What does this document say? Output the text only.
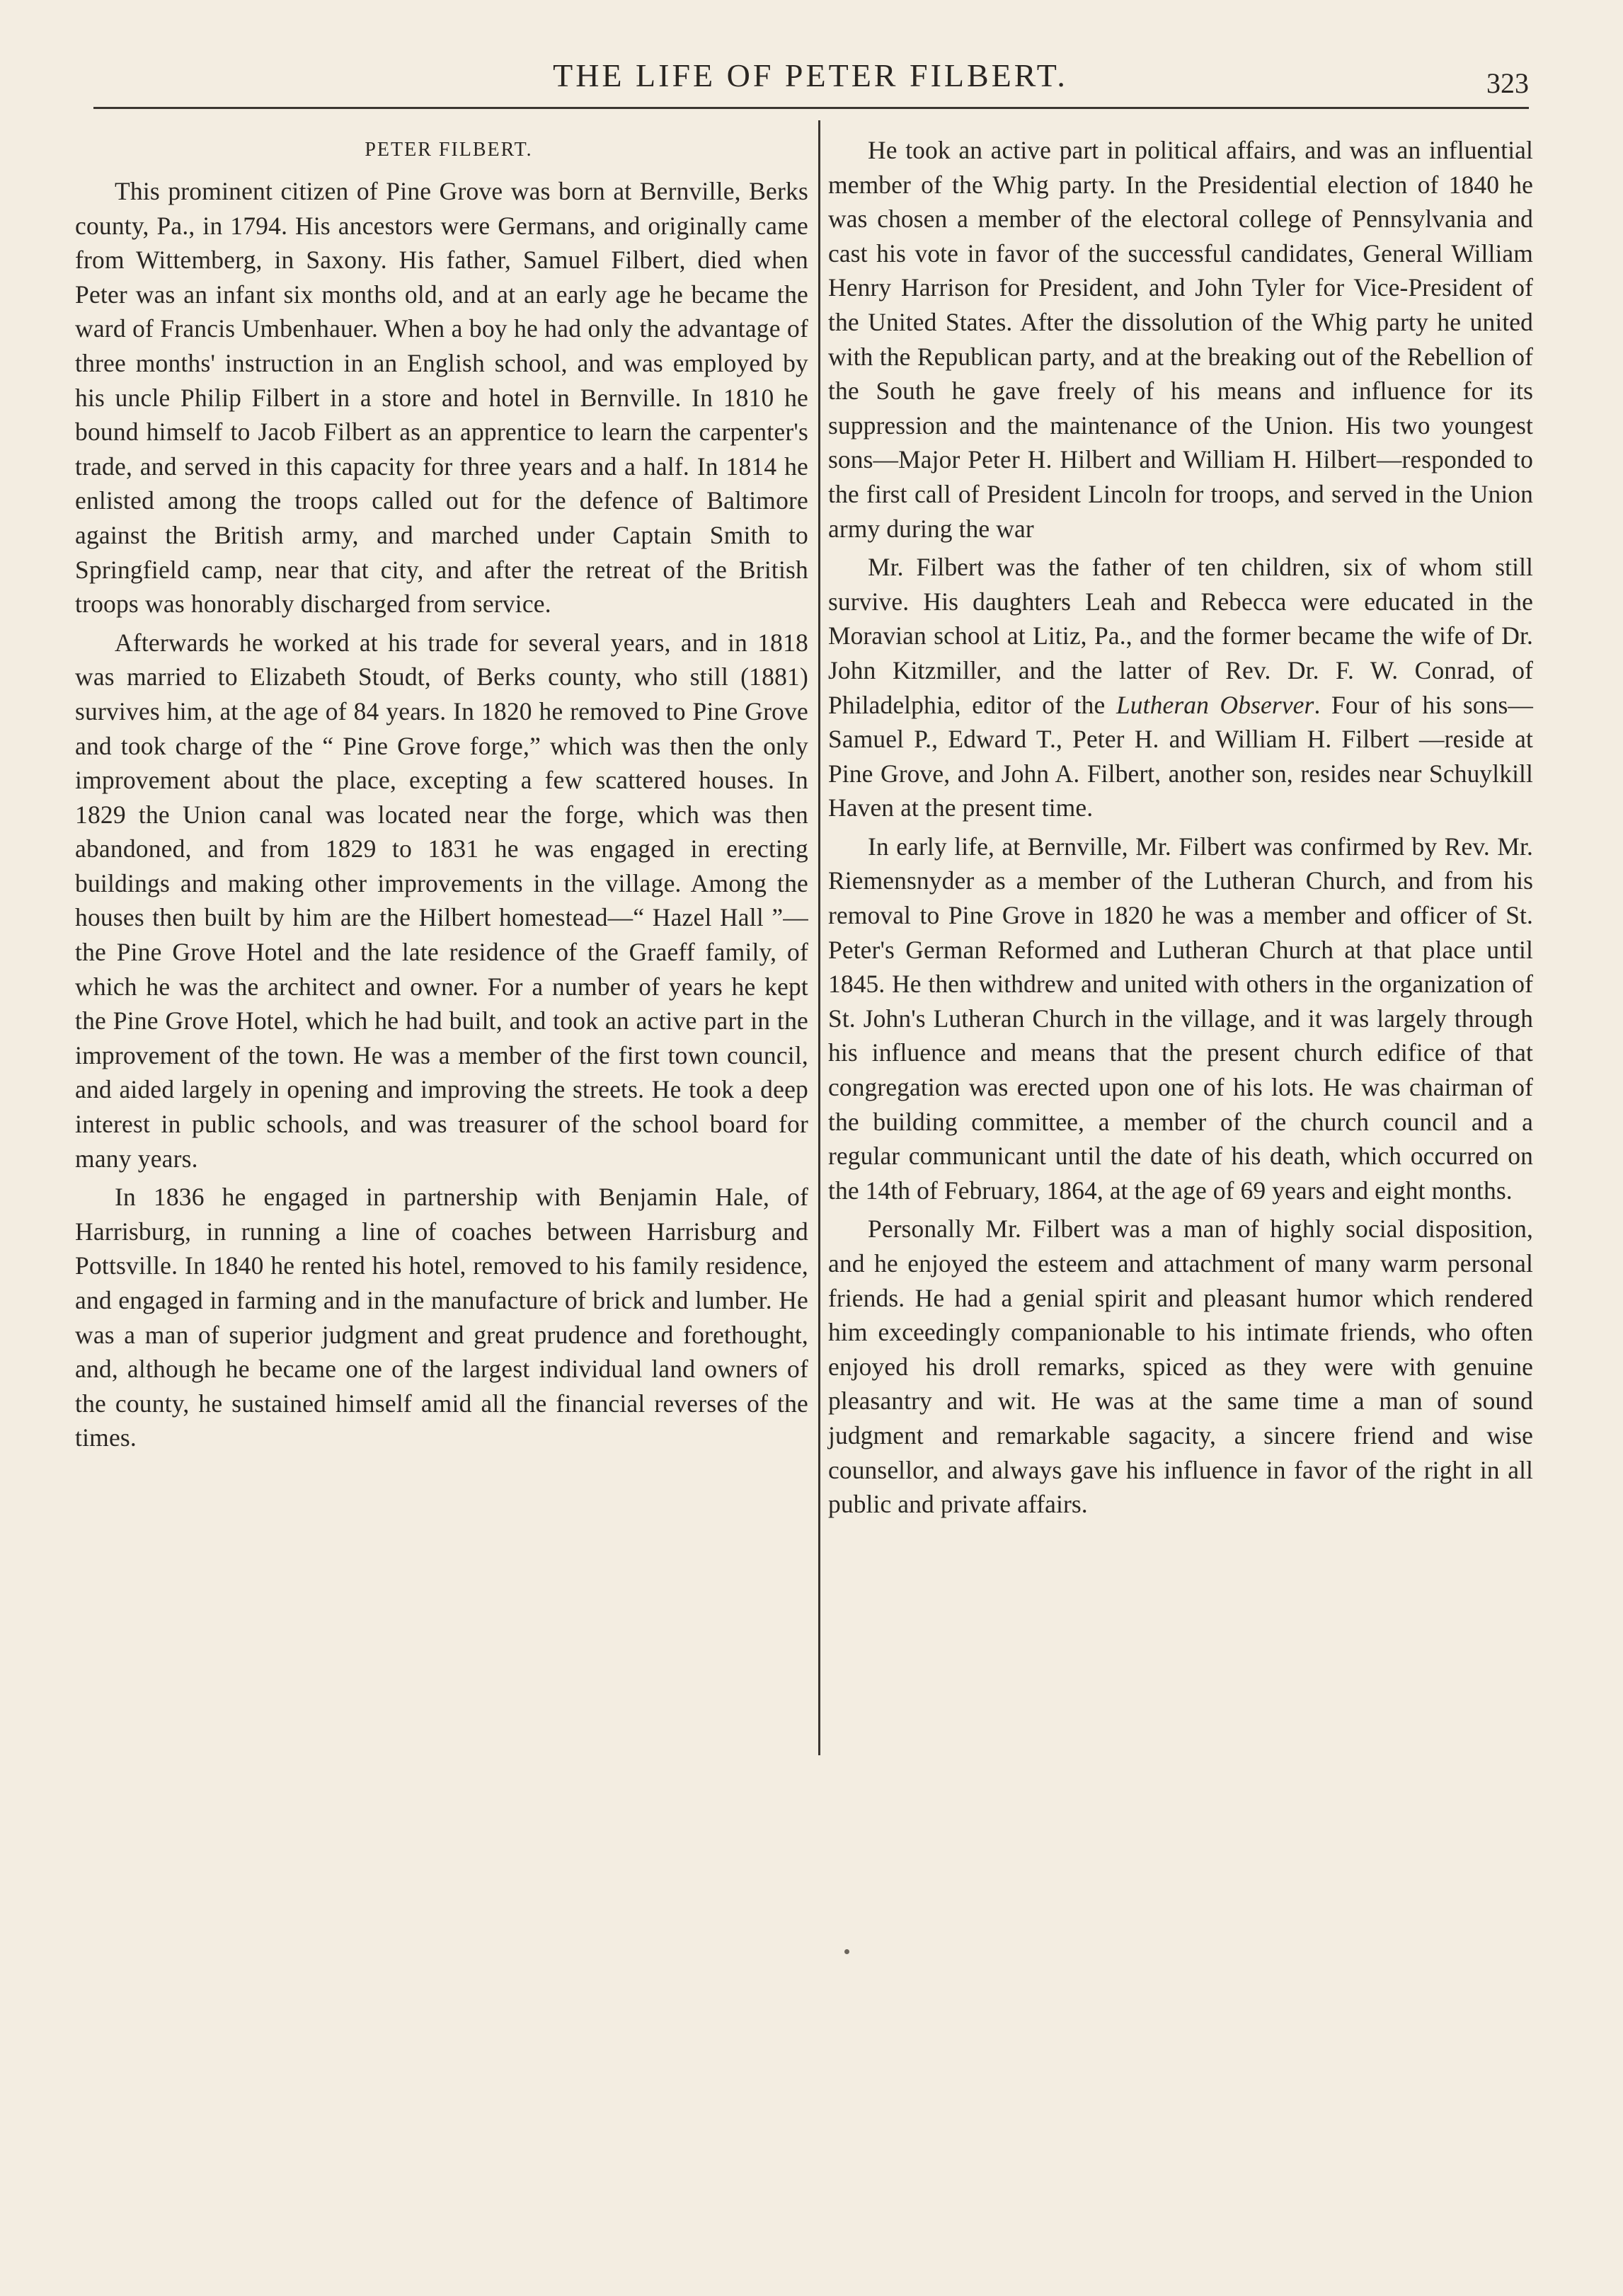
THE LIFE OF PETER FILBERT.	323
PETER FILBERT.

This prominent citizen of Pine Grove was born at Bernville, Berks county, Pa., in 1794. His ancestors were Germans, and originally came from Wittemberg, in Saxony. His father, Samuel Filbert, died when Peter was an infant six months old, and at an early age he became the ward of Francis Umbenhauer. When a boy he had only the advantage of three months' instruction in an English school, and was employed by his uncle Philip Filbert in a store and hotel in Bernville. In 1810 he bound himself to Jacob Filbert as an apprentice to learn the carpenter's trade, and served in this capacity for three years and a half. In 1814 he enlisted among the troops called out for the defence of Baltimore against the British army, and marched under Captain Smith to Springfield camp, near that city, and after the retreat of the British troops was honorably discharged from service.

Afterwards he worked at his trade for several years, and in 1818 was married to Elizabeth Stoudt, of Berks county, who still (1881) survives him, at the age of 84 years. In 1820 he removed to Pine Grove and took charge of the “ Pine Grove forge,” which was then the only improvement about the place, excepting a few scattered houses. In 1829 the Union canal was located near the forge, which was then abandoned, and from 1829 to 1831 he was engaged in erecting buildings and making other improvements in the village. Among the houses then built by him are the Hilbert homestead—“ Hazel Hall ”—the Pine Grove Hotel and the late residence of the Graeff family, of which he was the architect and owner. For a number of years he kept the Pine Grove Hotel, which he had built, and took an active part in the improvement of the town. He was a member of the first town council, and aided largely in opening and improving the streets. He took a deep interest in public schools, and was treasurer of the school board for many years.

In 1836 he engaged in partnership with Benjamin Hale, of Harrisburg, in running a line of coaches between Harrisburg and Pottsville. In 1840 he rented his hotel, removed to his family residence, and engaged in farming and in the manufacture of brick and lumber. He was a man of superior judgment and great prudence and forethought, and, although he became one of the largest individual land owners of the county, he sustained himself amid all the financial reverses of the times.

He took an active part in political affairs, and was an influential member of the Whig party. In the Presidential election of 1840 he was chosen a member of the electoral college of Pennsylvania and cast his vote in favor of the successful candidates, General William Henry Harrison for President, and John Tyler for Vice-President of the United States. After the dissolution of the Whig party he united with the Republican party, and at the breaking out of the Rebellion of the South he gave freely of his means and influence for its suppression and the maintenance of the Union. His two youngest sons—Major Peter H. Hilbert and William H. Hilbert—responded to the first call of President Lincoln for troops, and served in the Union army during the war

Mr. Filbert was the father of ten children, six of whom still survive. His daughters Leah and Rebecca were educated in the Moravian school at Litiz, Pa., and the former became the wife of Dr. John Kitzmiller, and the latter of Rev. Dr. F. W. Conrad, of Philadelphia, editor of the Lutheran Observer. Four of his sons—Samuel P., Edward T., Peter H. and William H. Filbert —reside at Pine Grove, and John A. Filbert, another son, resides near Schuylkill Haven at the present time.

In early life, at Bernville, Mr. Filbert was confirmed by Rev. Mr. Riemensnyder as a member of the Lutheran Church, and from his removal to Pine Grove in 1820 he was a member and officer of St. Peter's German Reformed and Lutheran Church at that place until 1845. He then withdrew and united with others in the organization of St. John's Lutheran Church in the village, and it was largely through his influence and means that the present church edifice of that congregation was erected upon one of his lots. He was chairman of the building committee, a member of the church council and a regular communicant until the date of his death, which occurred on the 14th of February, 1864, at the age of 69 years and eight months.

Personally Mr. Filbert was a man of highly social disposition, and he enjoyed the esteem and attachment of many warm personal friends. He had a genial spirit and pleasant humor which rendered him exceedingly companionable to his intimate friends, who often enjoyed his droll remarks, spiced as they were with genuine pleasantry and wit. He was at the same time a man of sound judgment and remarkable sagacity, a sincere friend and wise counsellor, and always gave his influence in favor of the right in all public and private affairs.
